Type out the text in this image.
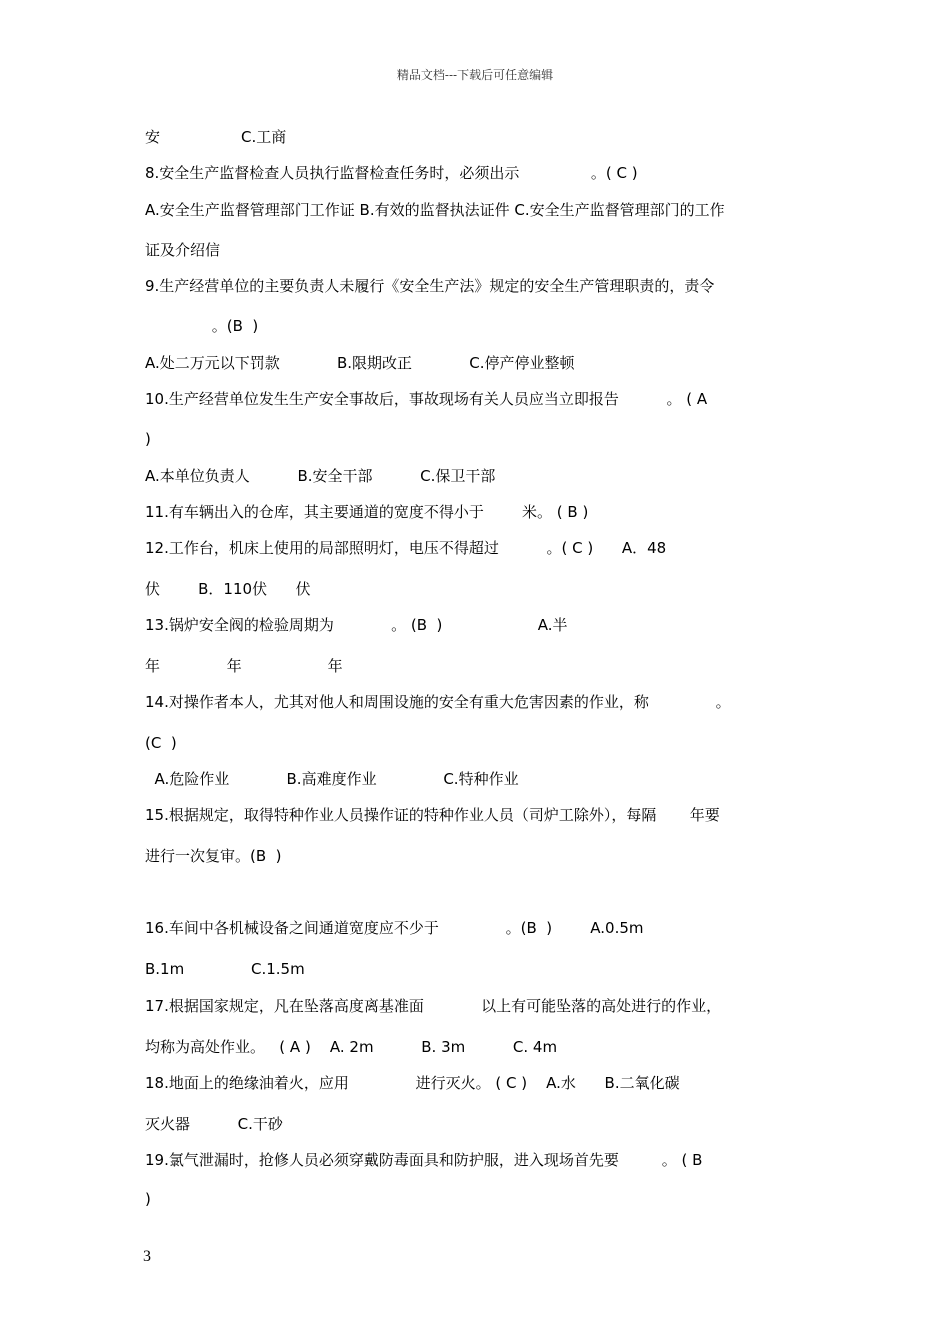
精品文档---下载后可任意编辑
安                 C.工商
8.安全生产监督检查人员执行监督检查任务时，必须出示               。( C )
A.安全生产监督管理部门工作证 B.有效的监督执法证件 C.安全生产监督管理部门的工作
证及介绍信
9.生产经营单位的主要负责人未履行《安全生产法》规定的安全生产管理职责的，责令
。(B  )
A.处二万元以下罚款            B.限期改正            C.停产停业整顿
10.生产经营单位发生生产安全事故后，事故现场有关人员应当立即报告          。 ( A
)
A.本单位负责人          B.安全干部          C.保卫干部
11.有车辆出入的仓库，其主要通道的宽度不得小于        米。 ( B )
12.工作台，机床上使用的局部照明灯，电压不得超过          。( C )      A．48
伏        B．110伏      伏
13.锅炉安全阀的检验周期为            。 (B  )                    A.半
年              年                  年
14.对操作者本人，尤其对他人和周围设施的安全有重大危害因素的作业，称              。
(C  )
A.危险作业            B.高难度作业              C.特种作业
15.根据规定，取得特种作业人员操作证的特种作业人员（司炉工除外），每隔       年要
进行一次复审。(B  )
16.车间中各机械设备之间通道宽度应不少于              。(B  )        A.0.5m
B.1m              C.1.5m
17.根据国家规定，凡在坠落高度离基准面            以上有可能坠落的高处进行的作业，
均称为高处作业。   ( A )    A. 2m          B. 3m          C. 4m
18.地面上的绝缘油着火，应用              进行灭火。 ( C )    A.水      B.二氧化碳
灭火器          C.干砂
19.氯气泄漏时，抢修人员必须穿戴防毒面具和防护服，进入现场首先要         。 ( B
)
3
